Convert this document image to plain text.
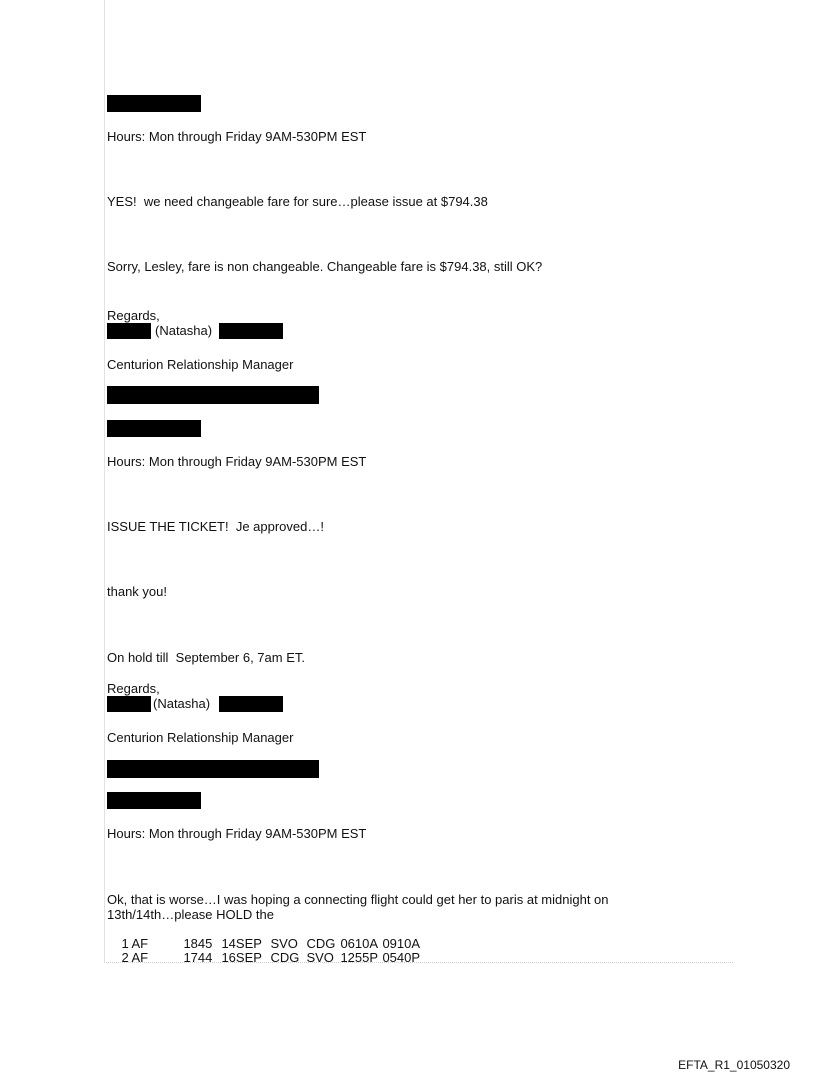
Hours: Mon through Friday 9AM-530PM EST
YES!  we need changeable fare for sure…please issue at $794.38
Sorry, Lesley, fare is non changeable. Changeable fare is $794.38, still OK?
Regards,
(Natasha)
Centurion Relationship Manager
Hours: Mon through Friday 9AM-530PM EST
ISSUE THE TICKET!  Je approved…!
thank you!
On hold till  September 6, 7am ET.
Regards,
(Natasha)
Centurion Relationship Manager
Hours: Mon through Friday 9AM-530PM EST
Ok, that is worse…I was hoping a connecting flight could get her to paris at midnight on
13th/14th…please HOLD the

1 AF	1845 14SEP SVO CDG 0610A 0910A

2 AF	1744 16SEP CDG SVO 1255P 0540P

EFTA_R1_01050320
